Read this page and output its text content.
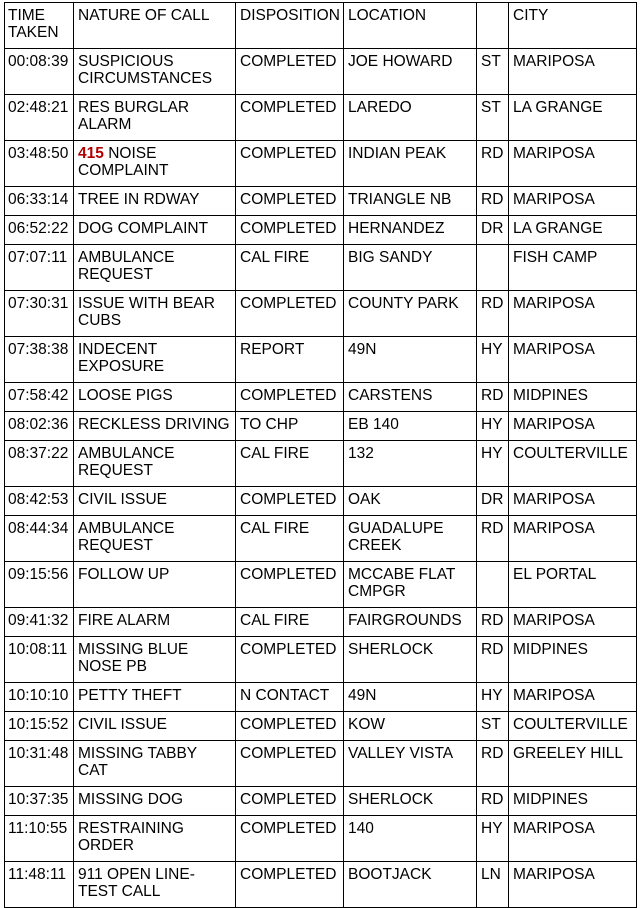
TIME TAKEN	NATURE OF CALL	DISPOSITION	LOCATION		CITY
00:08:39	SUSPICIOUS CIRCUMSTANCES	COMPLETED	JOE HOWARD	ST	MARIPOSA
02:48:21	RES BURGLAR ALARM	COMPLETED	LAREDO	ST	LA GRANGE
03:48:50	415 NOISE COMPLAINT	COMPLETED	INDIAN PEAK	RD	MARIPOSA
06:33:14	TREE IN RDWAY	COMPLETED	TRIANGLE NB	RD	MARIPOSA
06:52:22	DOG COMPLAINT	COMPLETED	HERNANDEZ	DR	LA GRANGE
07:07:11	AMBULANCE REQUEST	CAL FIRE	BIG SANDY		FISH CAMP
07:30:31	ISSUE WITH BEAR CUBS	COMPLETED	COUNTY PARK	RD	MARIPOSA
07:38:38	INDECENT EXPOSURE	REPORT	49N	HY	MARIPOSA
07:58:42	LOOSE PIGS	COMPLETED	CARSTENS	RD	MIDPINES
08:02:36	RECKLESS DRIVING	TO CHP	EB 140	HY	MARIPOSA
08:37:22	AMBULANCE REQUEST	CAL FIRE	132	HY	COULTERVILLE
08:42:53	CIVIL ISSUE	COMPLETED	OAK	DR	MARIPOSA
08:44:34	AMBULANCE REQUEST	CAL FIRE	GUADALUPE CREEK	RD	MARIPOSA
09:15:56	FOLLOW UP	COMPLETED	MCCABE FLAT CMPGR		EL PORTAL
09:41:32	FIRE ALARM	CAL FIRE	FAIRGROUNDS	RD	MARIPOSA
10:08:11	MISSING BLUE NOSE PB	COMPLETED	SHERLOCK	RD	MIDPINES
10:10:10	PETTY THEFT	N CONTACT	49N	HY	MARIPOSA
10:15:52	CIVIL ISSUE	COMPLETED	KOW	ST	COULTERVILLE
10:31:48	MISSING TABBY CAT	COMPLETED	VALLEY VISTA	RD	GREELEY HILL
10:37:35	MISSING DOG	COMPLETED	SHERLOCK	RD	MIDPINES
11:10:55	RESTRAINING ORDER	COMPLETED	140	HY	MARIPOSA
11:48:11	911 OPEN LINE-TEST CALL	COMPLETED	BOOTJACK	LN	MARIPOSA
